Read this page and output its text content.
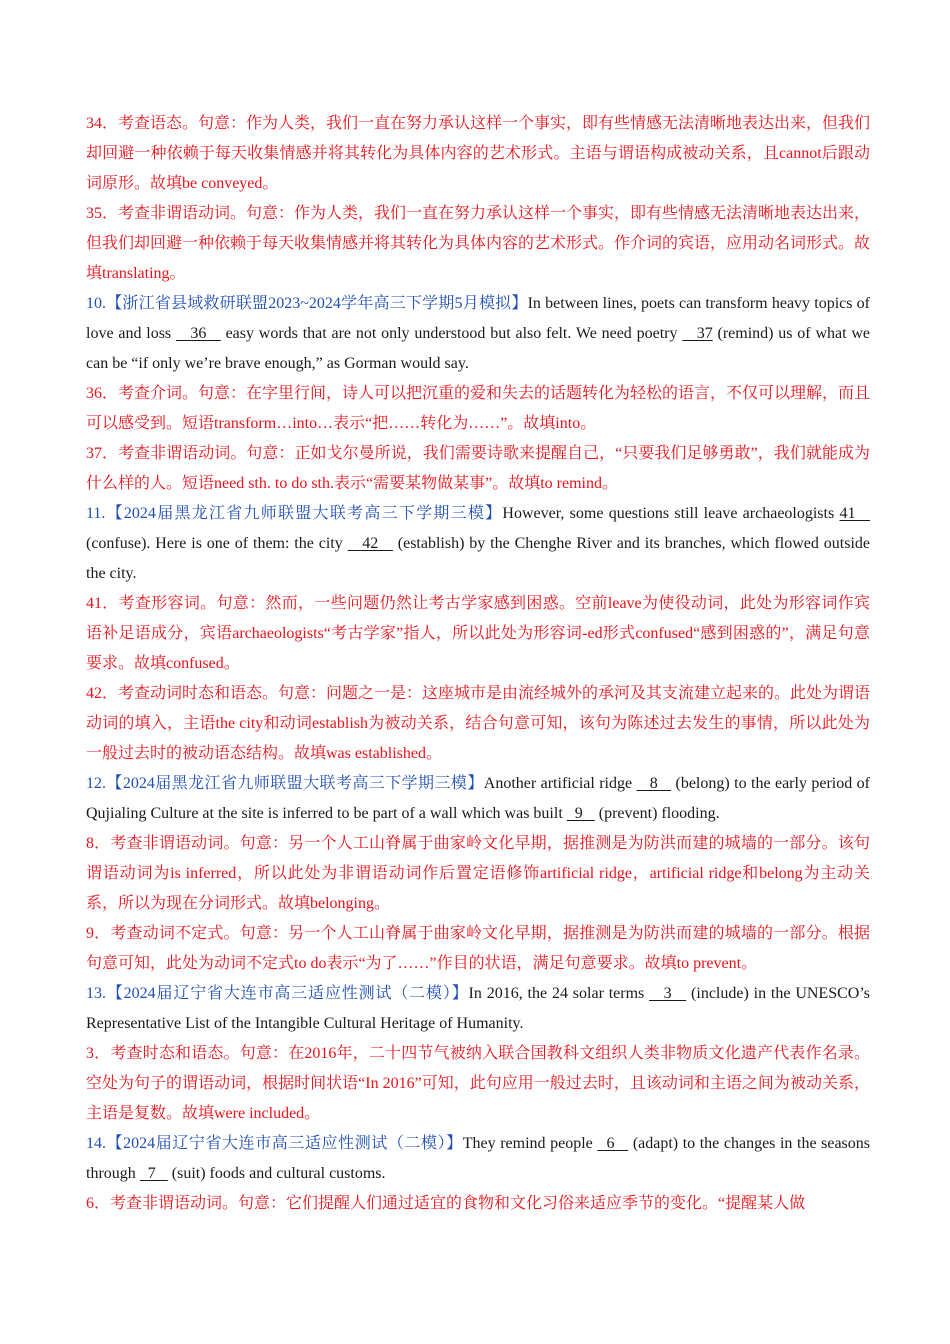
34．考查语态。句意：作为人类，我们一直在努力承认这样一个事实，即有些情感无法清晰地表达出来，但我们却回避一种依赖于每天收集情感并将其转化为具体内容的艺术形式。主语与谓语构成被动关系，且cannot后跟动词原形。故填be conveyed。

35．考查非谓语动词。句意：作为人类，我们一直在努力承认这样一个事实，即有些情感无法清晰地表达出来，但我们却回避一种依赖于每天收集情感并将其转化为具体内容的艺术形式。作介词的宾语，应用动名词形式。故填translating。

10.【浙江省县域救研联盟2023~2024学年高三下学期5月模拟】In between lines, poets can transform heavy topics of love and loss    36    easy words that are not only understood but also felt. We need poetry    37 (remind) us of what we can be “if only we’re brave enough,” as Gorman would say.

36．考查介词。句意：在字里行间，诗人可以把沉重的爱和失去的话题转化为轻松的语言，不仅可以理解，而且可以感受到。短语transform…into…表示“把……转化为……”。故填into。

37．考查非谓语动词。句意：正如戈尔曼所说，我们需要诗歌来提醒自己，“只要我们足够勇敢”，我们就能成为什么样的人。短语need sth. to do sth.表示“需要某物做某事”。故填to remind。

11.【2024届黑龙江省九师联盟大联考高三下学期三模】However, some questions still leave archaeologists 41    (confuse). Here is one of them: the city    42    (establish) by the Chenghe River and its branches, which flowed outside the city.

41．考查形容词。句意：然而，一些问题仍然让考古学家感到困惑。空前leave为使役动词，此处为形容词作宾语补足语成分，宾语archaeologists“考古学家”指人，所以此处为形容词-ed形式confused“感到困惑的”，满足句意要求。故填confused。

42．考查动词时态和语态。句意：问题之一是：这座城市是由流经城外的承河及其支流建立起来的。此处为谓语动词的填入，主语the city和动词establish为被动关系，结合句意可知，该句为陈述过去发生的事情，所以此处为一般过去时的被动语态结构。故填was established。

12.【2024届黑龙江省九师联盟大联考高三下学期三模】Another artificial ridge    8    (belong) to the early period of Qujialing Culture at the site is inferred to be part of a wall which was built   9    (prevent) flooding.

8．考查非谓语动词。句意：另一个人工山脊属于曲家岭文化早期，据推测是为防洪而建的城墙的一部分。该句谓语动词为is inferred，所以此处为非谓语动词作后置定语修饰artificial ridge，artificial ridge和belong为主动关系，所以为现在分词形式。故填belonging。

9．考查动词不定式。句意：另一个人工山脊属于曲家岭文化早期，据推测是为防洪而建的城墙的一部分。根据句意可知，此处为动词不定式to do表示“为了……”作目的状语，满足句意要求。故填to prevent。

13.【2024届辽宁省大连市高三适应性测试（二模）】In 2016, the 24 solar terms    3    (include) in the UNESCO’s Representative List of the Intangible Cultural Heritage of Humanity.

3．考查时态和语态。句意：在2016年，二十四节气被纳入联合国教科文组织人类非物质文化遗产代表作名录。空处为句子的谓语动词，根据时间状语“In 2016”可知，此句应用一般过去时，且该动词和主语之间为被动关系，主语是复数。故填were included。

14.【2024届辽宁省大连市高三适应性测试（二模）】They remind people   6    (adapt) to the changes in the seasons through   7    (suit) foods and cultural customs.

6．考查非谓语动词。句意：它们提醒人们通过适宜的食物和文化习俗来适应季节的变化。“提醒某人做
